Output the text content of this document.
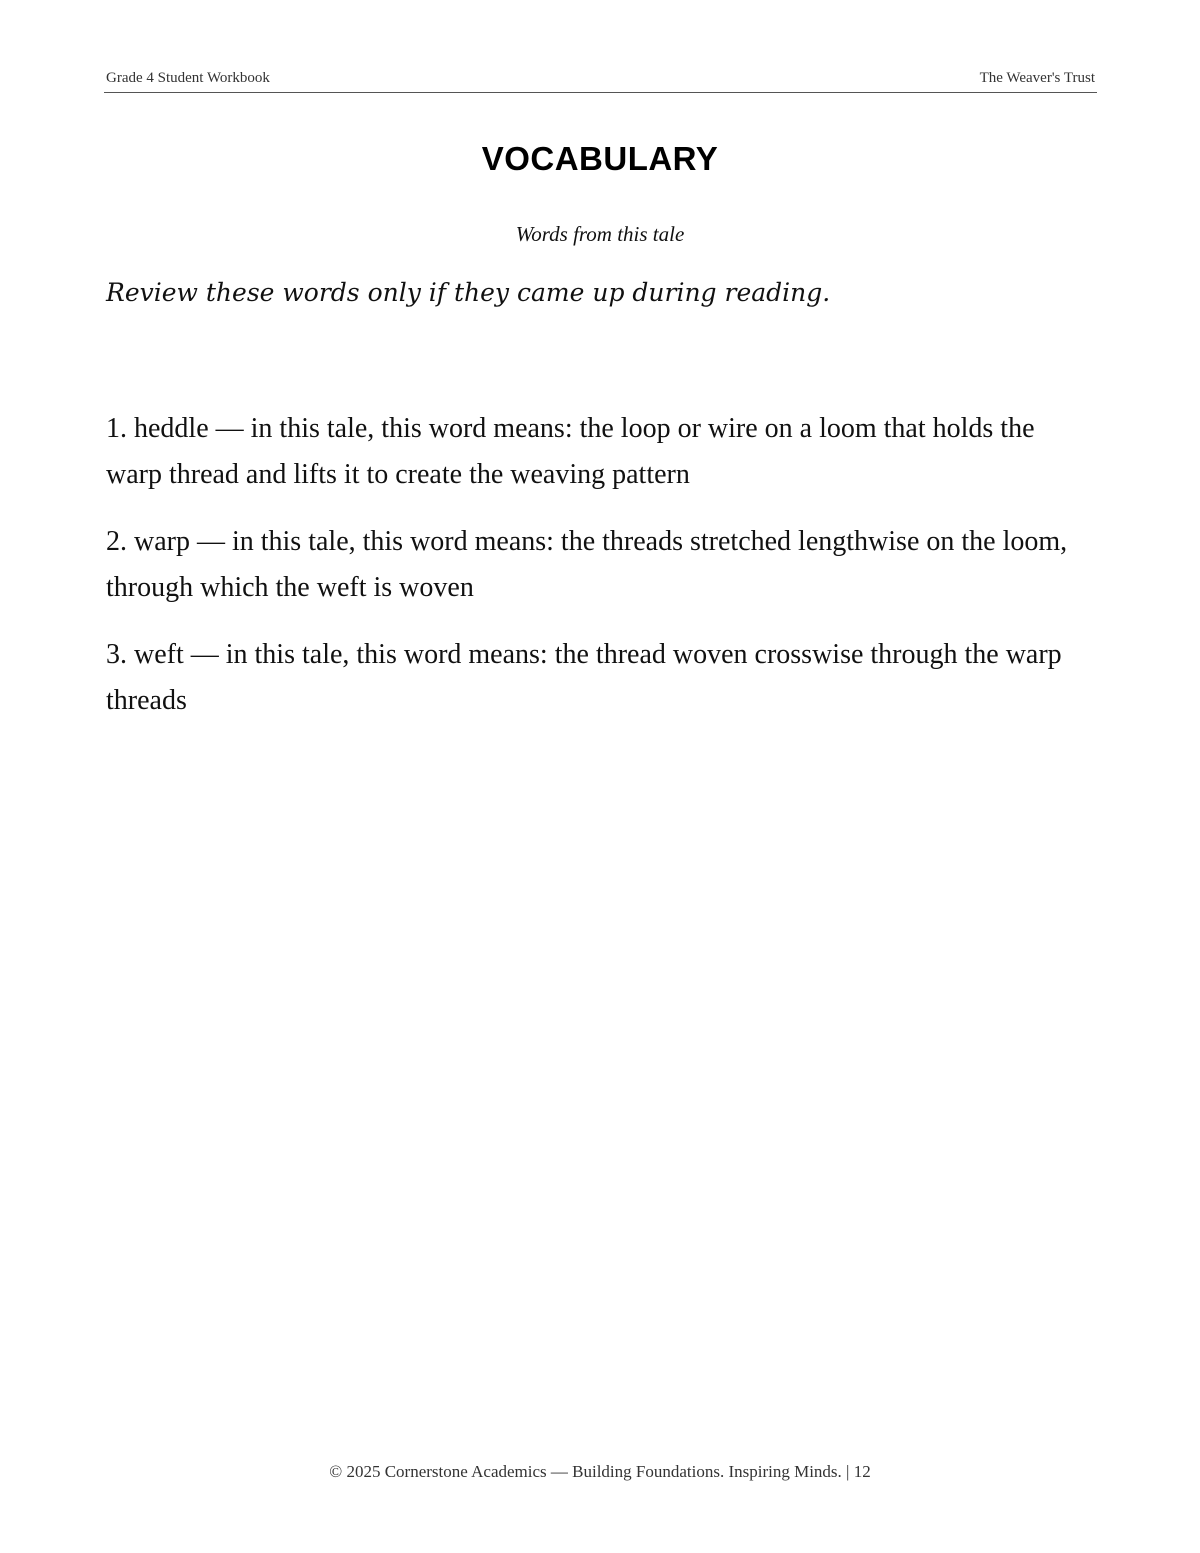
Grade 4 Student Workbook	The Weaver's Trust
VOCABULARY
Words from this tale
Review these words only if they came up during reading.
1. heddle — in this tale, this word means: the loop or wire on a loom that holds the warp thread and lifts it to create the weaving pattern
2. warp — in this tale, this word means: the threads stretched lengthwise on the loom, through which the weft is woven
3. weft — in this tale, this word means: the thread woven crosswise through the warp threads
© 2025 Cornerstone Academics — Building Foundations. Inspiring Minds. | 12
